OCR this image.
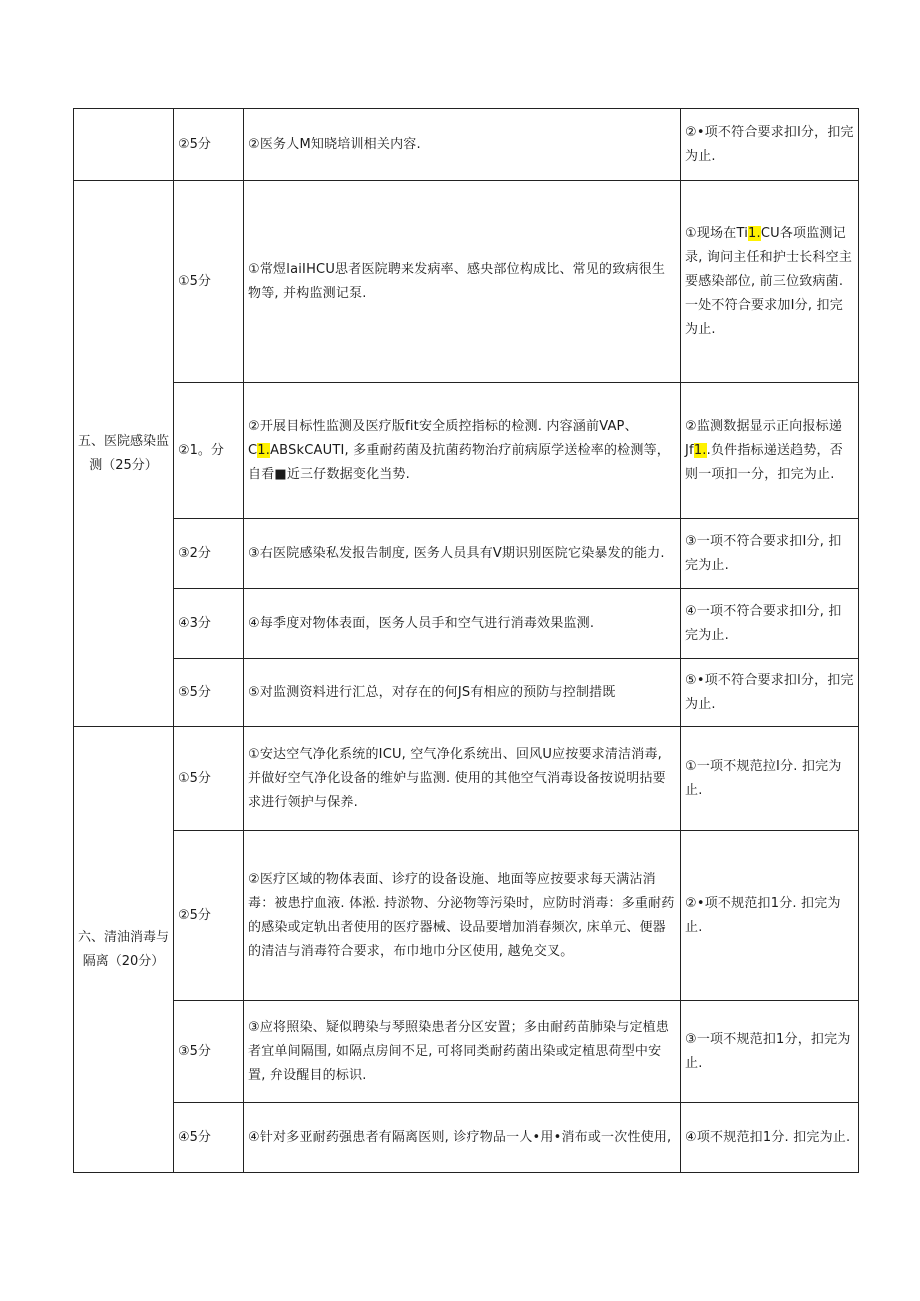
	②5分	②医务人M知晓培训相关内容.	②•项不符合要求扣l分，扣完为止.
五、医院感染监测（25分）	①5分	①常煜laiIHCU思者医院聘来发病率、感央部位构成比、常见的致病很生物等, 并构监测记泵.	①现场在Ti1.CU各项监测记录, 询问主任和护士长科空主要感染部位, 前三位致病菌. 一处不符合要求加I分, 扣完为止.
	②1。分	②开展目标性监测及医疗版fit安全质控指标的检测. 内容涵前VAP、C1.ABSkCAUTI, 多重耐药菌及抗菌药物治疗前病原学送检率的检测等，自看■近三仔数据变化当势.	②监测数据显示正向报标递Jf1..负件指标递送趋势，否则一项扣一分，扣完为止.
	③2分	③右医院感染私发报告制度, 医务人员具有V期识别医院它染暴发的能力.	③一项不符合要求扣I分, 扣完为止.
	④3分	④每季度对物体表面，医务人员手和空气进行消毒效果监测.	④一项不符合要求扣I分, 扣完为止.
	⑤5分	⑤对监测资料进行汇总，对存在的何JS有相应的预防与控制措既	⑤•项不符合要求扣l分，扣完为止.
六、清油消毒与隔离（20分）	①5分	①安达空气净化系统的ICU, 空气净化系统出、回风U应按要求清洁消毒, 并做好空气净化设备的维妒与监测. 使用的其他空气消毒设备按说明拈要求进行领护与保养.	①一项不规范拉I分. 扣完为止.
	②5分	②医疗区域的物体表面、诊疗的设备设施、地面等应按要求每天满沾消毒：被患拧血液. 体淞. 持淤物、分泌物等污染时，应防时消毒：多重耐药的感染或定轨出者使用的医疗器械、设品要增加消春频次, 床单元、便器的清洁与消毒符合要求，布巾地巾分区使用, 越免交叉。	②•项不规范扣1分. 扣完为止.
	③5分	③应将照染、疑似聘染与琴照染患者分区安置；多由耐药苗肺染与定植患者宜单间隔围, 如隔点房间不足, 可将同类耐药菌出染或定植思荷型中安置, 弁设醒目的标识.	③一项不规范扣1分，扣完为止.
	④5分	④针对多亚耐药强患者有隔离医则, 诊疗物品一人•用•消布或一次性使用,	④项不规范扣1分. 扣完为止.
